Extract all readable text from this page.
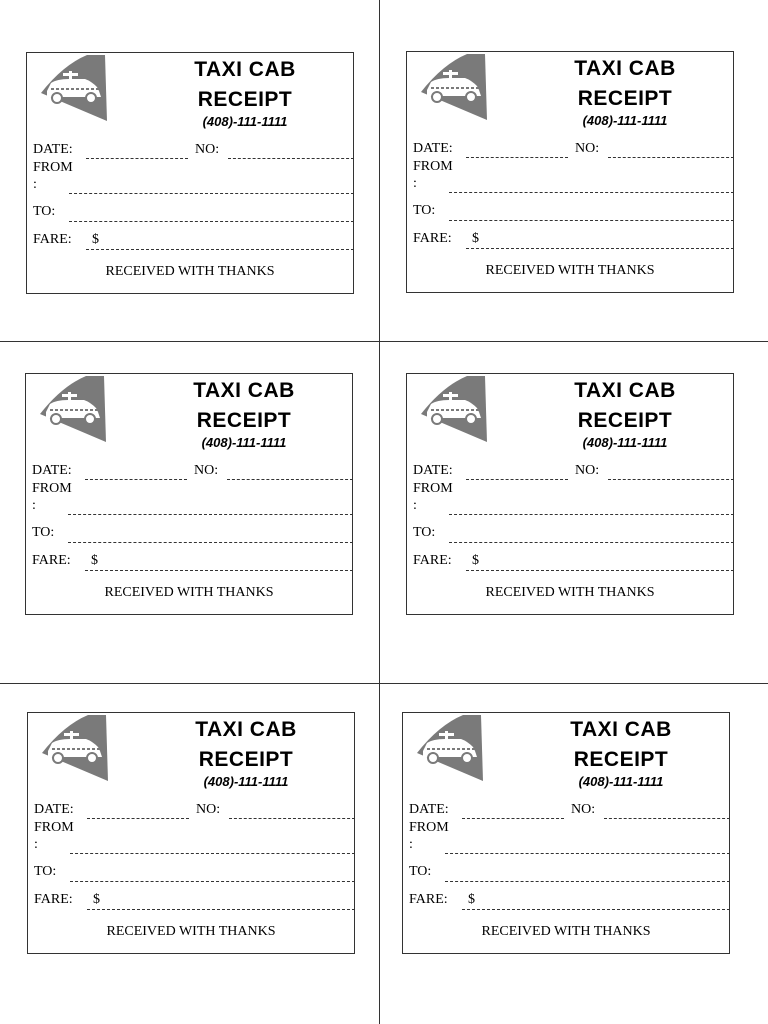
TAXI CAB
RECEIPT
(408)-111-1111
DATE:	NO:
FROM
:
TO:
FARE: $
RECEIVED WITH THANKS
TAXI CAB
RECEIPT
(408)-111-1111
DATE:	NO:
FROM
:
TO:
FARE: $
RECEIVED WITH THANKS
TAXI CAB
RECEIPT
(408)-111-1111
DATE:	NO:
FROM
:
TO:
FARE: $
RECEIVED WITH THANKS
TAXI CAB
RECEIPT
(408)-111-1111
DATE:	NO:
FROM
:
TO:
FARE: $
RECEIVED WITH THANKS
TAXI CAB
RECEIPT
(408)-111-1111
DATE:	NO:
FROM
:
TO:
FARE: $
RECEIVED WITH THANKS
TAXI CAB
RECEIPT
(408)-111-1111
DATE:	NO:
FROM
:
TO:
FARE: $
RECEIVED WITH THANKS
